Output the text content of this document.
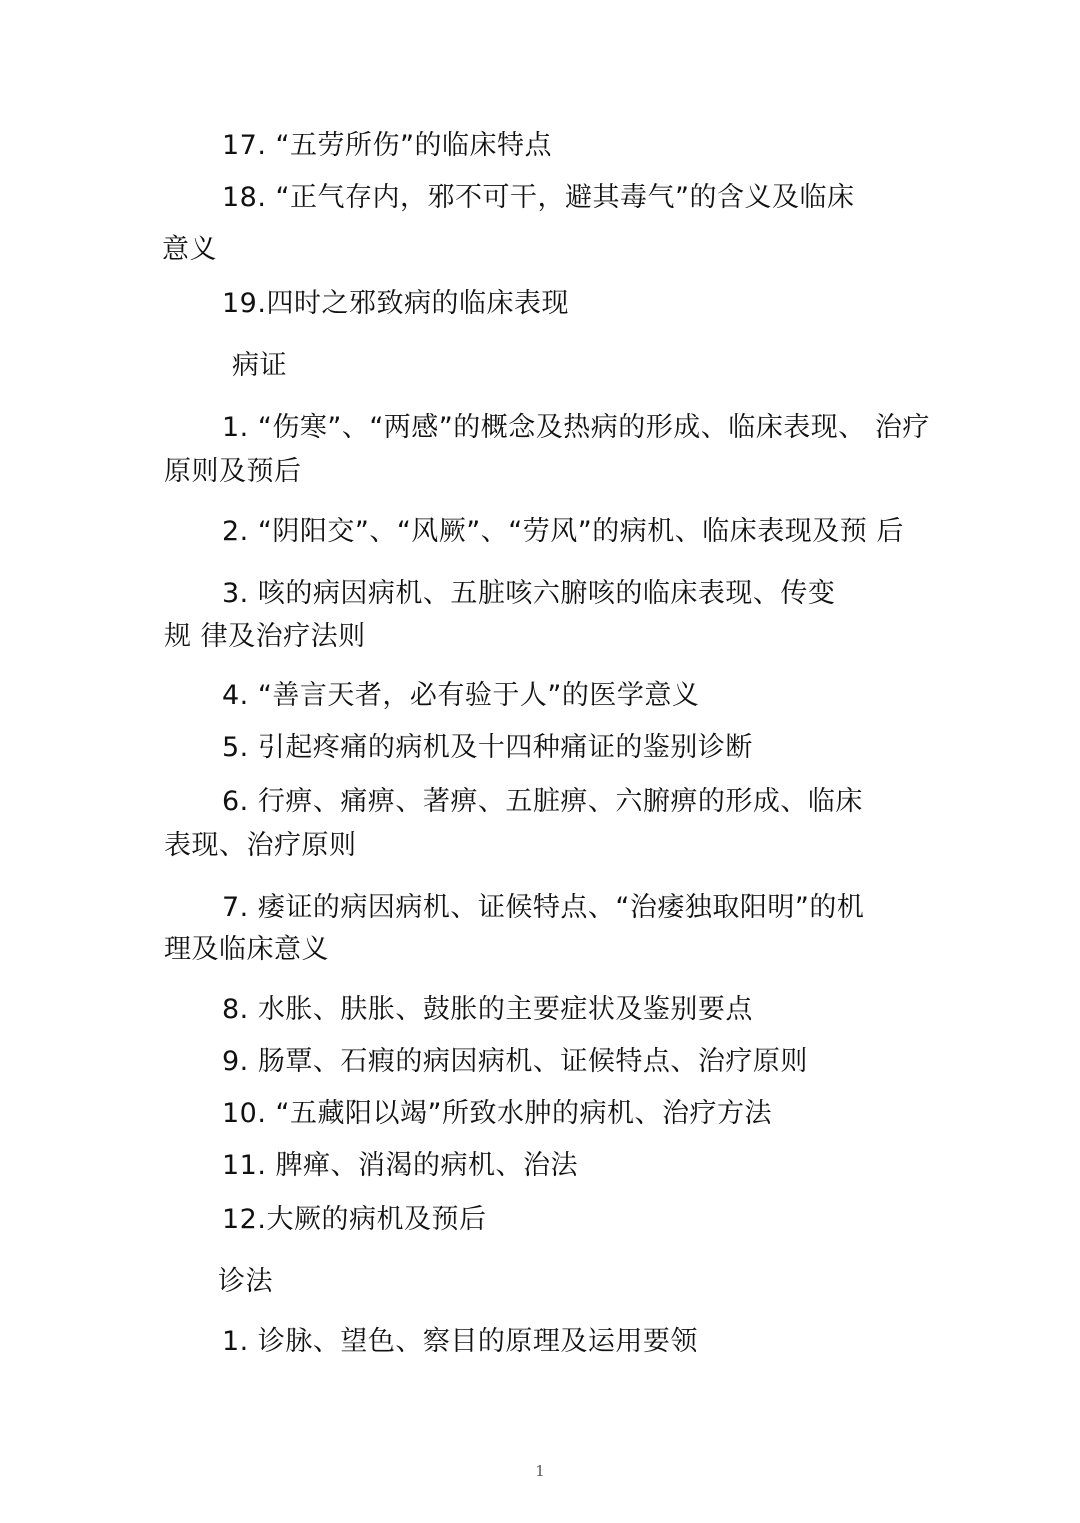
17. “五劳所伤”的临床特点
18. “正气存内，邪不可干，避其毒气”的含义及临床
意义
19.四时之邪致病的临床表现
病证
1. “伤寒”、“两感”的概念及热病的形成、临床表现、 治疗
原则及预后
2. “阴阳交”、“风厥”、“劳风”的病机、临床表现及预 后
3. 咳的病因病机、五脏咳六腑咳的临床表现、传变
规 律及治疗法则
4. “善言天者，必有验于人”的医学意义
5. 引起疼痛的病机及十四种痛证的鉴别诊断
6. 行痹、痛痹、著痹、五脏痹、六腑痹的形成、临床
表现、治疗原则
7. 痿证的病因病机、证候特点、“治痿独取阳明”的机
理及临床意义
8. 水胀、肤胀、鼓胀的主要症状及鉴别要点
9. 肠覃、石瘕的病因病机、证候特点、治疗原则
10. “五藏阳以竭”所致水肿的病机、治疗方法
11. 脾瘅、消渴的病机、治法
12.大厥的病机及预后
诊法
1. 诊脉、望色、察目的原理及运用要领
1
